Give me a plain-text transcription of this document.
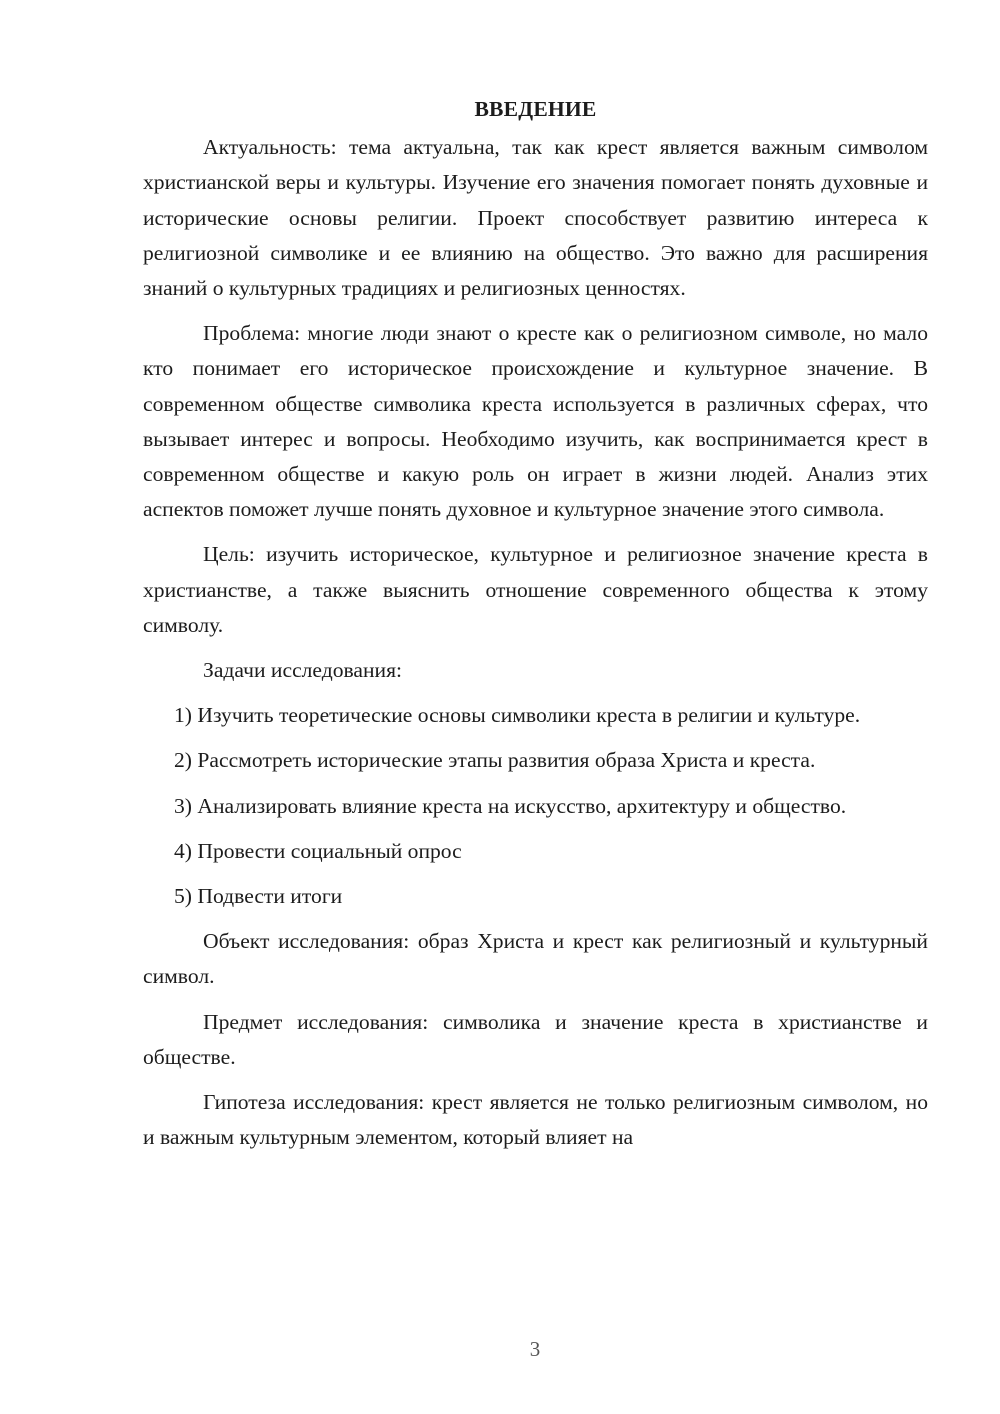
ВВЕДЕНИЕ

Актуальность: тема актуальна, так как крест является важным символом христианской веры и культуры. Изучение его значения помогает понять духовные и исторические основы религии. Проект способствует развитию интереса к религиозной символике и ее влиянию на общество. Это важно для расширения знаний о культурных традициях и религиозных ценностях.

Проблема: многие люди знают о кресте как о религиозном символе, но мало кто понимает его историческое происхождение и культурное значение. В современном обществе символика креста используется в различных сферах, что вызывает интерес и вопросы. Необходимо изучить, как воспринимается крест в современном обществе и какую роль он играет в жизни людей. Анализ этих аспектов поможет лучше понять духовное и культурное значение этого символа.

Цель: изучить историческое, культурное и религиозное значение креста в христианстве, а также выяснить отношение современного общества к этому символу.

Задачи исследования:

1) Изучить теоретические основы символики креста в религии и культуре.

2) Рассмотреть исторические этапы развития образа Христа и креста.

3) Анализировать влияние креста на искусство, архитектуру и общество.

4) Провести социальный опрос

5) Подвести итоги

Объект исследования: образ Христа и крест как религиозный и культурный символ.

Предмет исследования: символика и значение креста в христианстве и обществе.

Гипотеза исследования: крест является не только религиозным символом, но и важным культурным элементом, который влияет на

3
